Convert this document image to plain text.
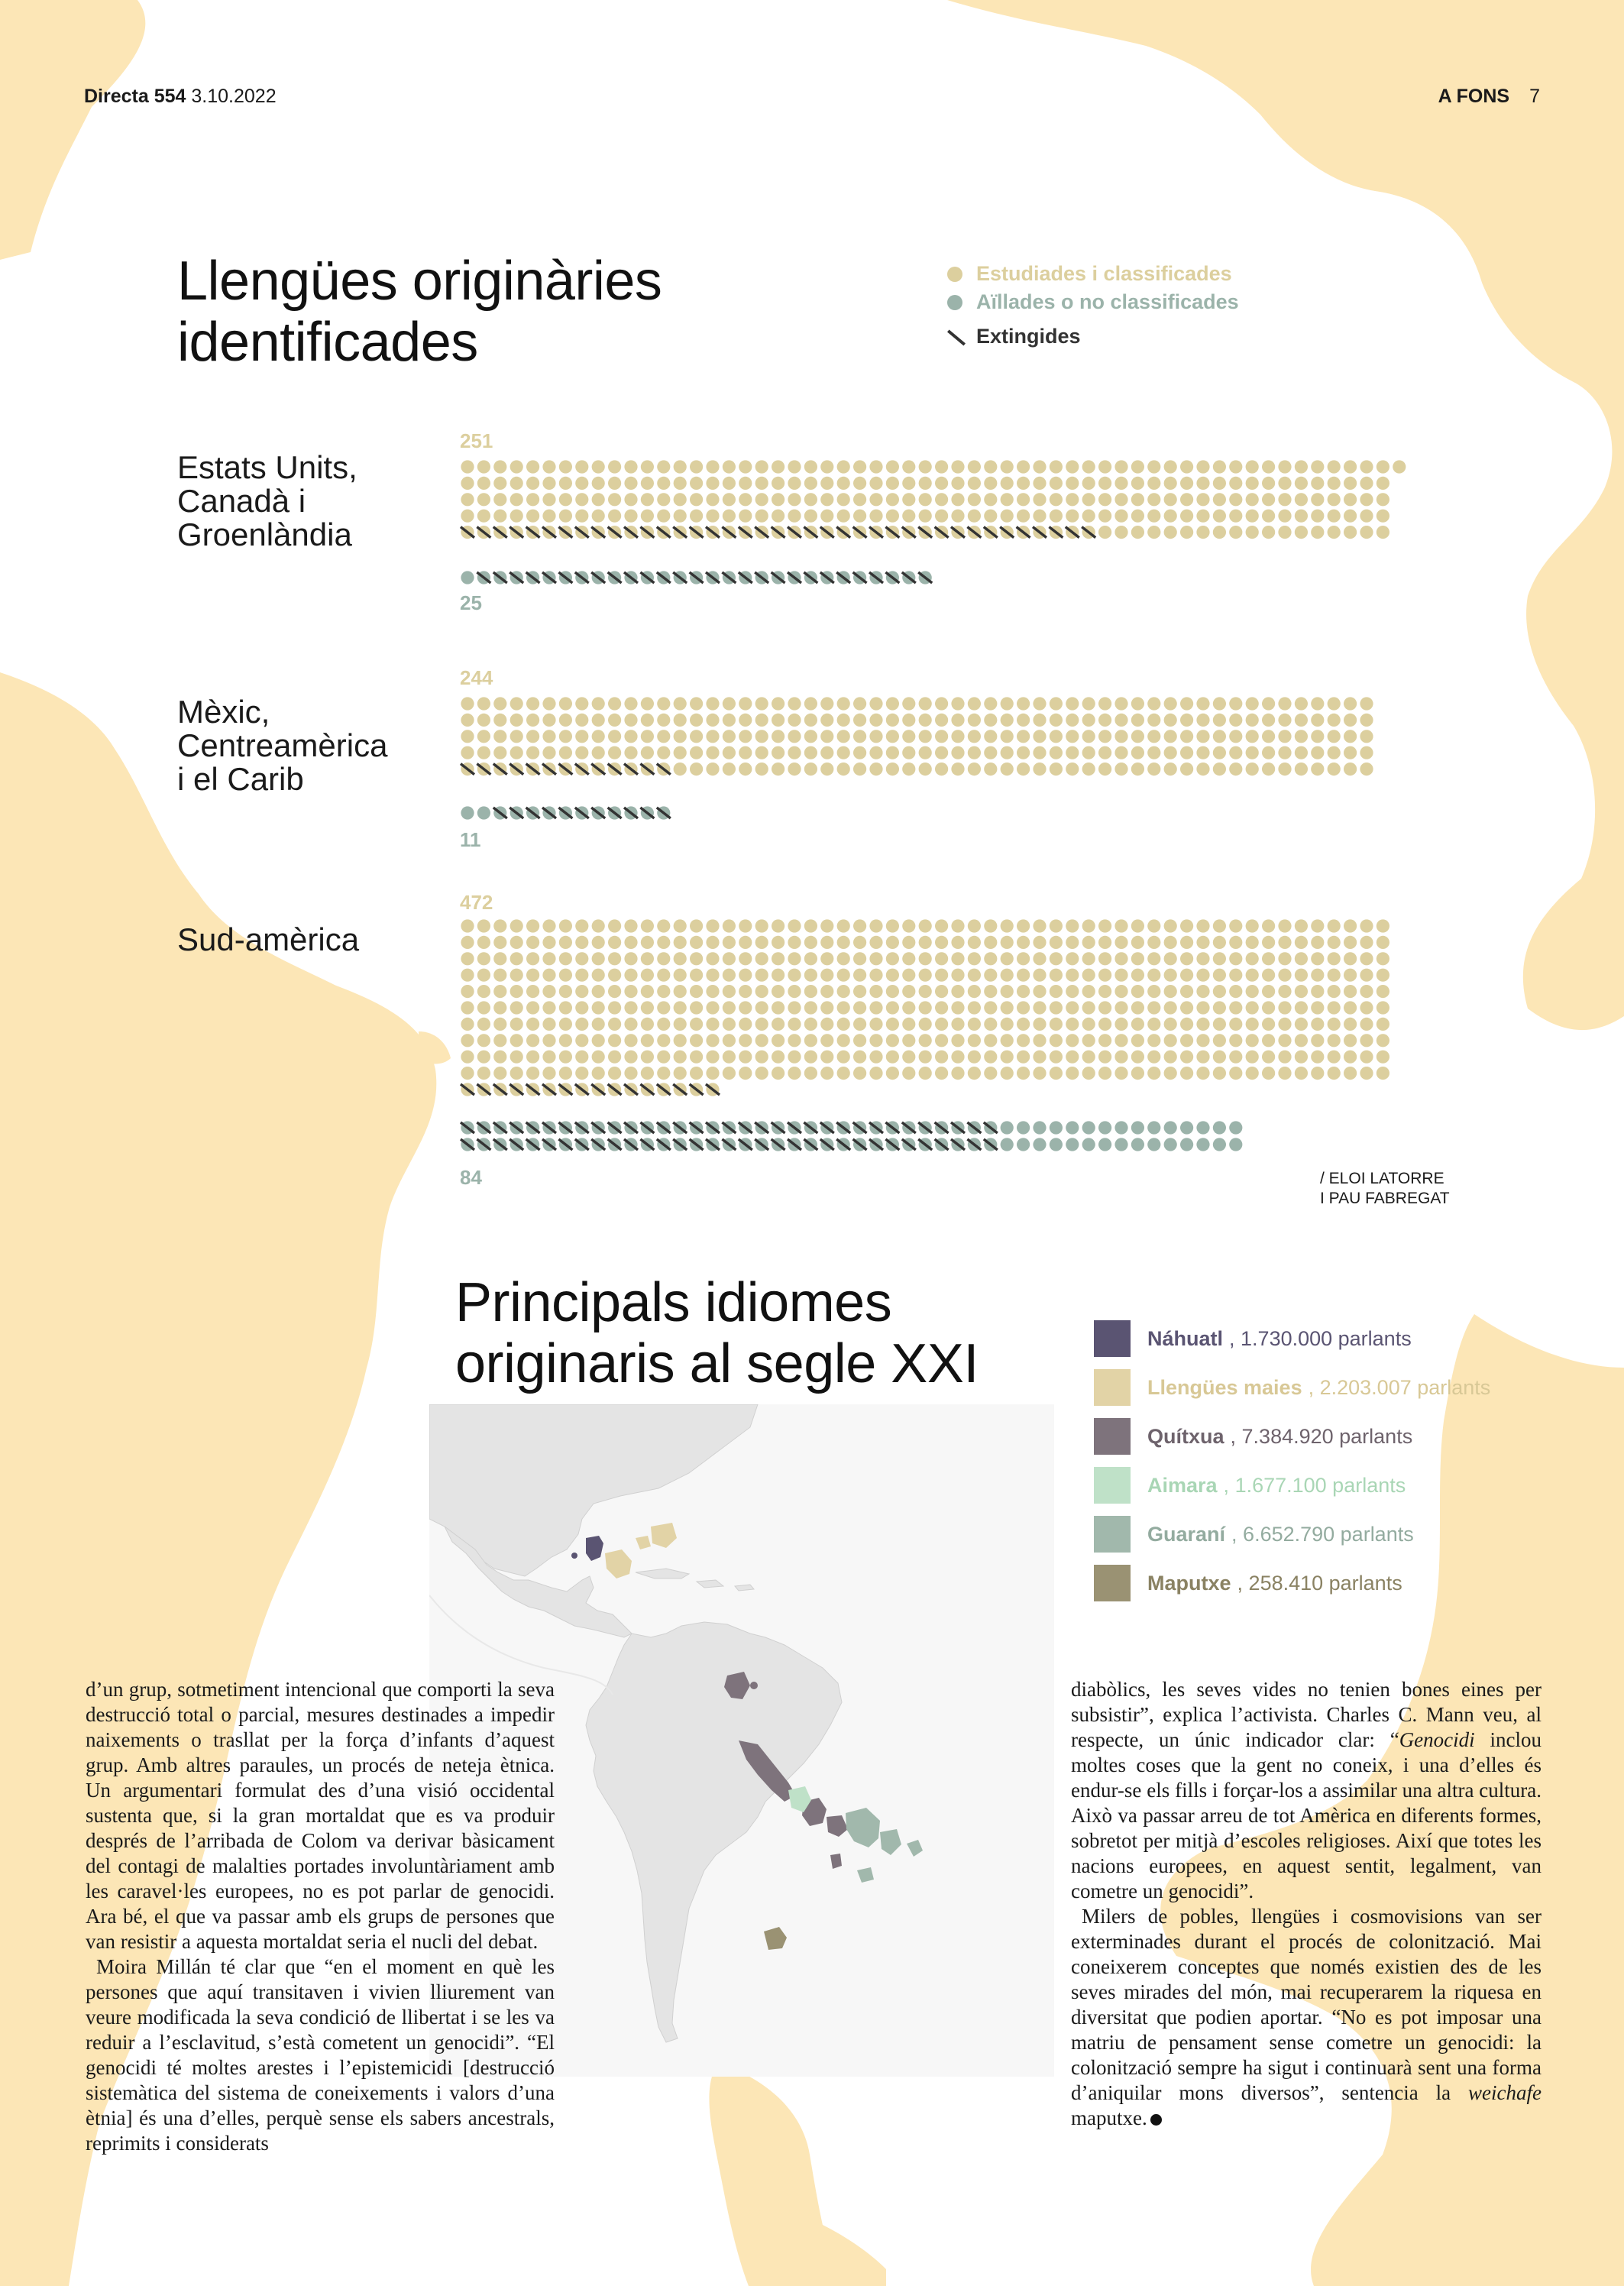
Directa 554 3.10.2022	A FONS 7
Llengües originàries
identificades
Estudiades i classificades
Aïllades o no classificades
Extingides
Estats Units,
Canadà i
Groenlàndia
Mèxic,
Centreamèrica
i el Carib
Sud-amèrica
251
25
244
11
472
84	/ ELOI LATORRE
I PAU FABREGAT
Principals idiomes
originaris al segle XXI	Náhuatl , 1.730.000 parlants
Llengües maies , 2.203.007 parlants
Quítxua , 7.384.920 parlants
Aimara , 1.677.100 parlants
Guaraní , 6.652.790 parlants
Maputxe , 258.410 parlants

d’un grup, sotmetiment intencional que comporti la seva destrucció total o parcial, mesures destinades a impedir naixements o trasllat per la força d’infants d’aquest grup. Amb altres paraules, un procés de neteja ètnica. Un argumentari formulat des d’una visió occidental sustenta que, si la gran mortaldat que es va produir després de l’arribada de Colom va derivar bàsicament del contagi de malalties portades involuntàriament amb les caravel·les europees, no es pot parlar de genocidi. Ara bé, el que va passar amb els grups de persones que van resistir a aquesta mortaldat seria el nucli del debat.

Moira Millán té clar que “en el moment en què les persones que aquí transitaven i vivien lliurement van veure modificada la seva condició de llibertat i se les va reduir a l’esclavitud, s’està cometent un genocidi”. “El genocidi té moltes arestes i l’epistemicidi [destrucció sistemàtica del sistema de coneixements i valors d’una ètnia] és una d’elles, perquè sense els sabers ancestrals, reprimits i considerats

diabòlics, les seves vides no tenien bones eines per subsistir”, explica l’activista. Charles C. Mann veu, al respecte, un únic indicador clar: “Genocidi inclou moltes coses que la gent no coneix, i una d’elles és endur-se els fills i forçar-los a assimilar una altra cultura. Això va passar arreu de tot Amèrica en diferents formes, sobretot per mitjà d’escoles religioses. Així que totes les nacions europees, en aquest sentit, legalment, van cometre un genocidi”.

Milers de pobles, llengües i cosmovisions van ser exterminades durant el procés de colonització. Mai coneixerem conceptes que només existien des de les seves mirades del món, mai recuperarem la riquesa en diversitat que podien aportar. “No es pot imposar una matriu de pensament sense cometre un genocidi: la colonització sempre ha sigut i continuarà sent una forma d’aniquilar mons diversos”, sentencia la weichafe maputxe.
